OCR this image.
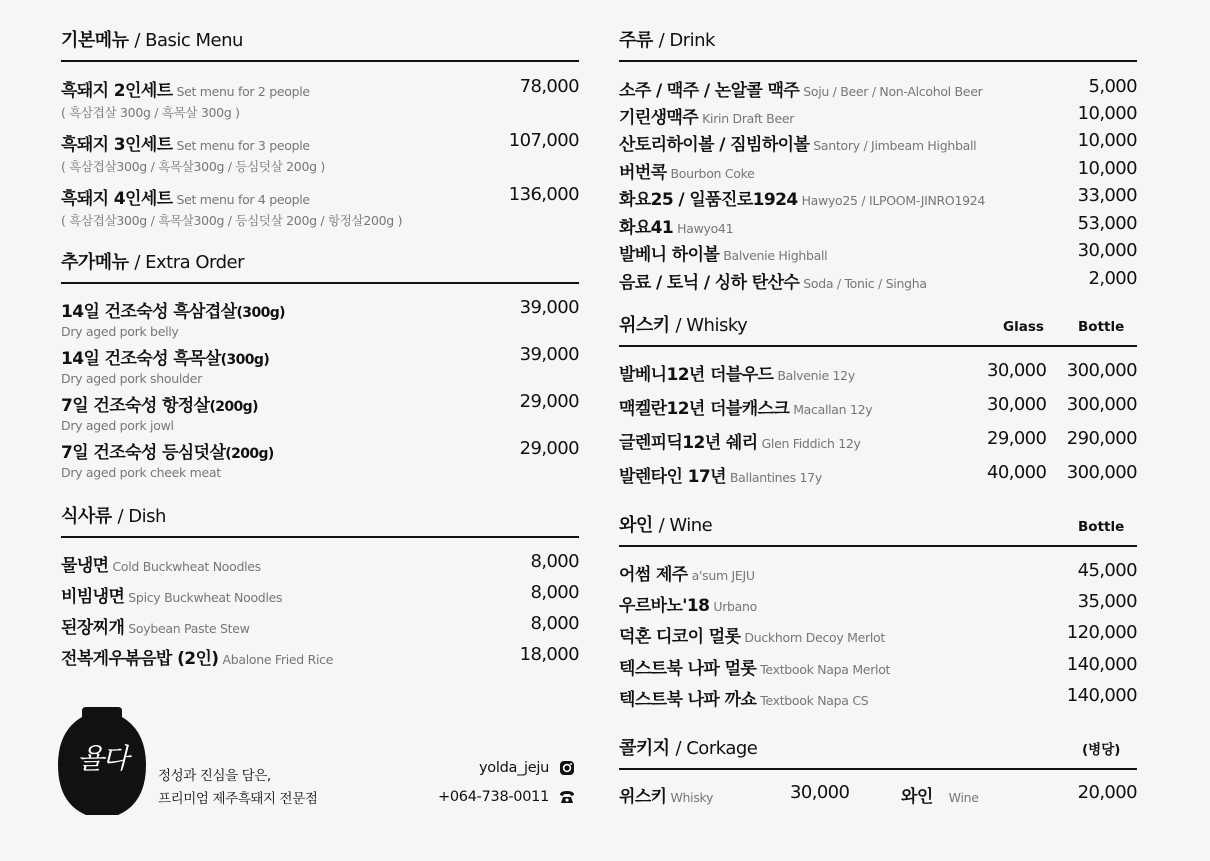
기본메뉴 / Basic Menu
흑돼지 2인세트 Set menu for 2 people
( 흑삼겹살 300g / 흑목살 300g )
78,000
흑돼지 3인세트 Set menu for 3 people
( 흑삼겹살300g / 흑목살300g / 등심덧살 200g )
107,000
흑돼지 4인세트 Set menu for 4 people
( 흑삼겹살300g / 흑목살300g / 등심덧살 200g / 항정살200g )
136,000
추가메뉴 / Extra Order
14일 건조숙성 흑삼겹살(300g)
Dry aged pork belly
39,000
14일 건조숙성 흑목살(300g)
Dry aged pork shoulder
39,000
7일 건조숙성 항정살(200g)
Dry aged pork jowl
29,000
7일 건조숙성 등심덧살(200g)
Dry aged pork cheek meat
29,000
식사류 / Dish
물냉면 Cold Buckwheat Noodles	8,000
비빔냉면 Spicy Buckwheat Noodles	8,000
된장찌개 Soybean Paste Stew	8,000
전복게우볶음밥 (2인) Abalone Fried Rice	18,000
욜다
정성과 진심을 담은,
프리미엄 제주흑돼지 전문점
yolda_jeju
+064-738-0011
주류 / Drink
소주 / 맥주 / 논알콜 맥주 Soju / Beer / Non-Alcohol Beer	5,000
기린생맥주 Kirin Draft Beer	10,000
산토리하이볼 / 짐빔하이볼 Santory / Jimbeam Highball	10,000
버번콕 Bourbon Coke	10,000
화요25 / 일품진로1924 Hawyo25 / ILPOOM-JINRO1924	33,000
화요41 Hawyo41	53,000
발베니 하이볼 Balvenie Highball	30,000
음료 / 토닉 / 싱하 탄산수 Soda / Tonic / Singha	2,000
위스키 / Whisky	Glass	Bottle
발베니12년 더블우드 Balvenie 12y	30,000 300,000
맥켈란12년 더블캐스크 Macallan 12y	30,000 300,000
글렌피딕12년 쉐리 Glen Fiddich 12y	29,000 290,000
발렌타인 17년 Ballantines 17y	40,000 300,000
와인 / Wine	Bottle
어썸 제주 a'sum JEJU	45,000
우르바노'18 Urbano	35,000
덕혼 디코이 멀롯 Duckhorn Decoy Merlot	120,000
텍스트북 나파 멀롯 Textbook Napa Merlot	140,000
텍스트북 나파 까쇼 Textbook Napa CS	140,000
콜키지 / Corkage	(병당)
위스키 Whisky	30,000	와인 Wine	20,000
